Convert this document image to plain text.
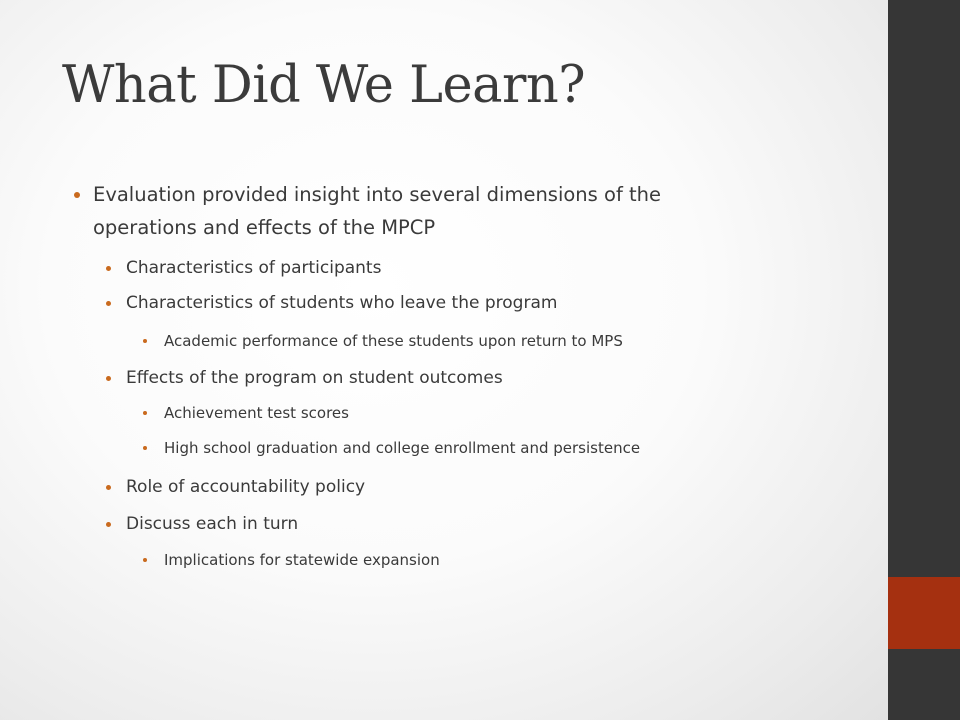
What Did We Learn?
Evaluation provided insight into several dimensions of the
operations and effects of the MPCP
Characteristics of participants
Characteristics of students who leave the program
Academic performance of these students upon return to MPS
Effects of the program on student outcomes
Achievement test scores
High school graduation and college enrollment and persistence
Role of accountability policy
Discuss each in turn
Implications for statewide expansion
